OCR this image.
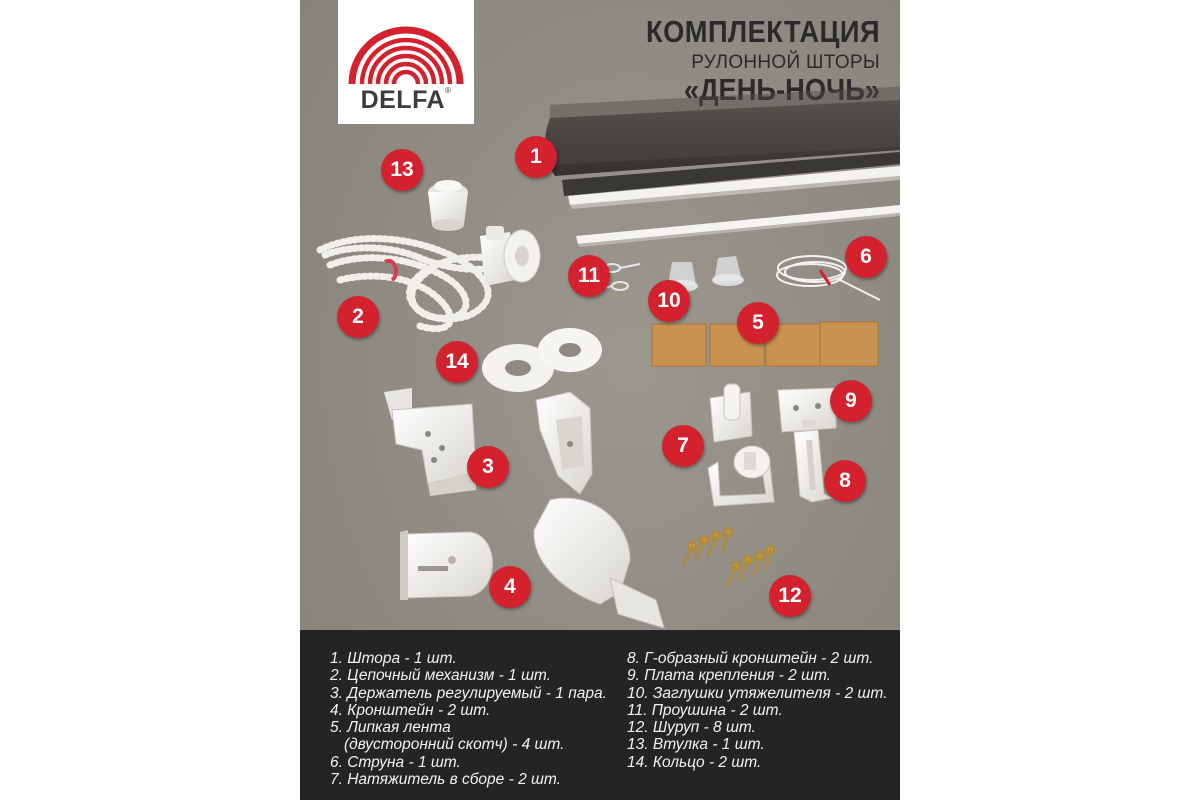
DELFA®
КОМПЛЕКТАЦИЯ
РУЛОННОЙ ШТОРЫ
«ДЕНЬ-НОЧЬ»
1
2
3
4
5
6
7
8
9
10
11
12
13
14
1. Штора - 1 шт.
2. Цепочный механизм - 1 шт.
3. Держатель регулируемый - 1 пара.
4. Кронштейн - 2 шт.
5. Липкая лента
(двусторонний скотч) - 4 шт.
6. Струна - 1 шт.
7. Натяжитель в сборе - 2 шт.
8. Г-образный кронштейн - 2 шт.
9. Плата крепления - 2 шт.
10. Заглушки утяжелителя - 2 шт.
11. Проушина - 2 шт.
12. Шуруп - 8 шт.
13. Втулка - 1 шт.
14. Кольцо - 2 шт.
